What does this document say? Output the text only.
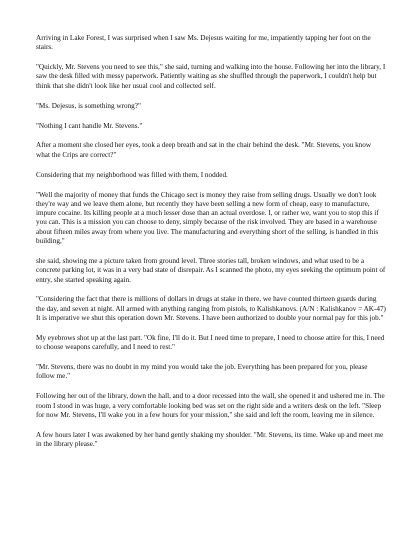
Arriving in Lake Forest, I was surprised when I saw Ms. Dejesus waiting for me, impatiently tapping her foot on the stairs.

"Quickly, Mr. Stevens you need to see this," she said, turning and walking into the house. Following her into the library, I saw the desk filled with messy paperwork. Patiently waiting as she shuffled through the paperwork, I couldn't help but think that she didn't look like her usual cool and collected self.

"Ms. Dejesus, is something wrong?"

"Nothing I cant handle Mr. Stevens."

After a moment she closed her eyes, took a deep breath and sat in the chair behind the desk. "Mr. Stevens, you know what the Crips are correct?"

Considering that my neighborhood was filled with them, I nodded.

"Well the majority of money that funds the Chicago sect is money they raise from selling drugs. Usually we don't look they're way and we leave them alone, but recently they have been selling a new form of cheap, easy to manufacture, impure cocaine. Its killing people at a much lesser dose than an actual overdose. I, or rather we, want you to stop this if you can. This is a mission you can choose to deny, simply because of the risk involved. They are based in a warehouse about fifteen miles away from where you live. The manufacturing and everything short of the selling, is handled in this building,"

she said, showing me a picture taken from ground level. Three stories tall, broken windows, and what used to be a concrete parking lot, it was in a very bad state of disrepair. As I scanned the photo, my eyes seeking the optimum point of entry, she started speaking again.

"Considering the fact that there is millions of dollars in drugs at stake in there, we have counted thirteen guards during the day, and seven at night. All armed with anything ranging from pistols, to Kalishkanovs. (A/N : Kalishkanov = AK-47) It is imperative we shut this operation down Mr. Stevens. I have been authorized to double your normal pay for this job."

My eyebrows shot up at the last part. "Ok fine, I'll do it. But I need time to prepare, I need to choose attire for this, I need to choose weapons carefully, and I need to rest."

"Mr. Stevens, there was no doubt in my mind you would take the job. Everything has been prepared for you, please follow me."

Following her out of the library, down the hall, and to a door recessed into the wall, she opened it and ushered me in. The room I stood in was huge, a very comfortable looking bed was set on the right side and a writers desk on the left. "Sleep for now Mr. Stevens, I'll wake you in a few hours for your mission," she said and left the room, leaving me in silence.

A few hours later I was awakened by her hand gently shaking my shoulder. "Mr. Stevens, its time. Wake up and meet me in the library please."
